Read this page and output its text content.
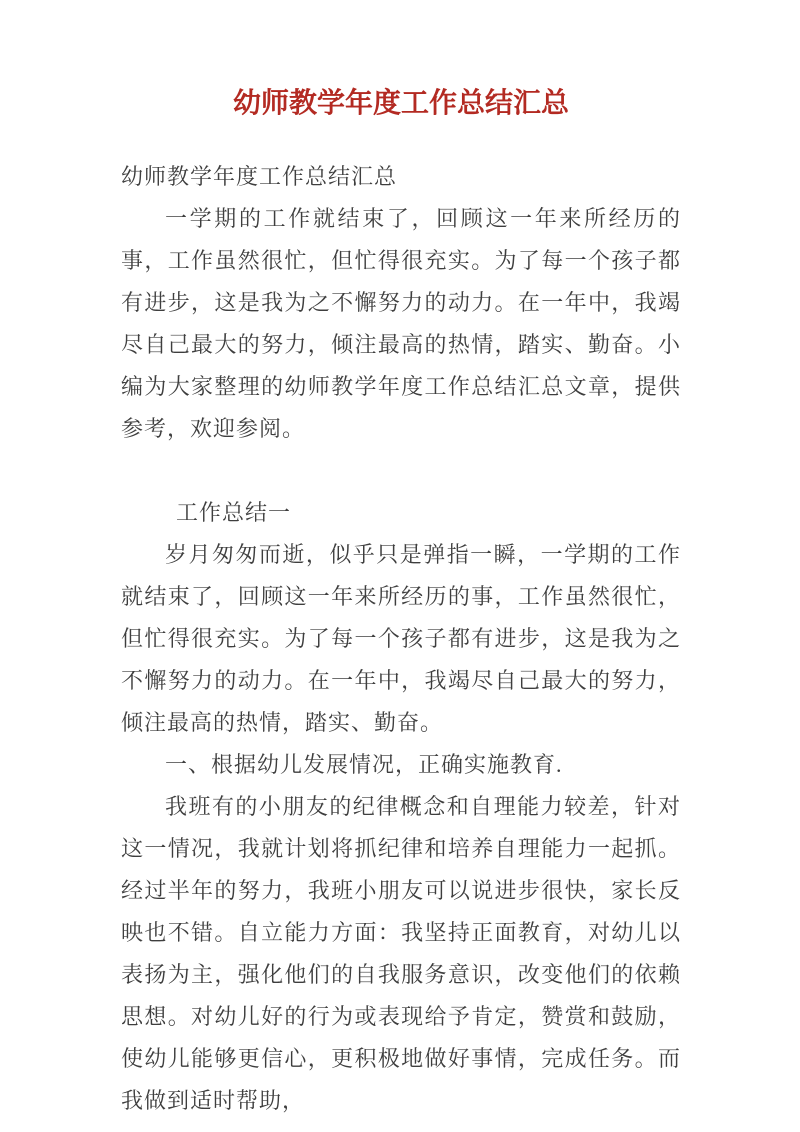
幼师教学年度工作总结汇总

幼师教学年度工作总结汇总

一学期的工作就结束了，回顾这一年来所经历的事，工作虽然很忙，但忙得很充实。为了每一个孩子都有进步，这是我为之不懈努力的动力。在一年中，我竭尽自己最大的努力，倾注最高的热情，踏实、勤奋。小编为大家整理的幼师教学年度工作总结汇总文章，提供参考，欢迎参阅。

工作总结一

岁月匆匆而逝，似乎只是弹指一瞬，一学期的工作就结束了，回顾这一年来所经历的事，工作虽然很忙，但忙得很充实。为了每一个孩子都有进步，这是我为之不懈努力的动力。在一年中，我竭尽自己最大的努力，倾注最高的热情，踏实、勤奋。

一、根据幼儿发展情况，正确实施教育.

我班有的小朋友的纪律概念和自理能力较差，针对这一情况，我就计划将抓纪律和培养自理能力一起抓。经过半年的努力，我班小朋友可以说进步很快，家长反映也不错。自立能力方面：我坚持正面教育，对幼儿以表扬为主，强化他们的自我服务意识，改变他们的依赖思想。对幼儿好的行为或表现给予肯定，赞赏和鼓励，使幼儿能够更信心，更积极地做好事情，完成任务。而我做到适时帮助，
